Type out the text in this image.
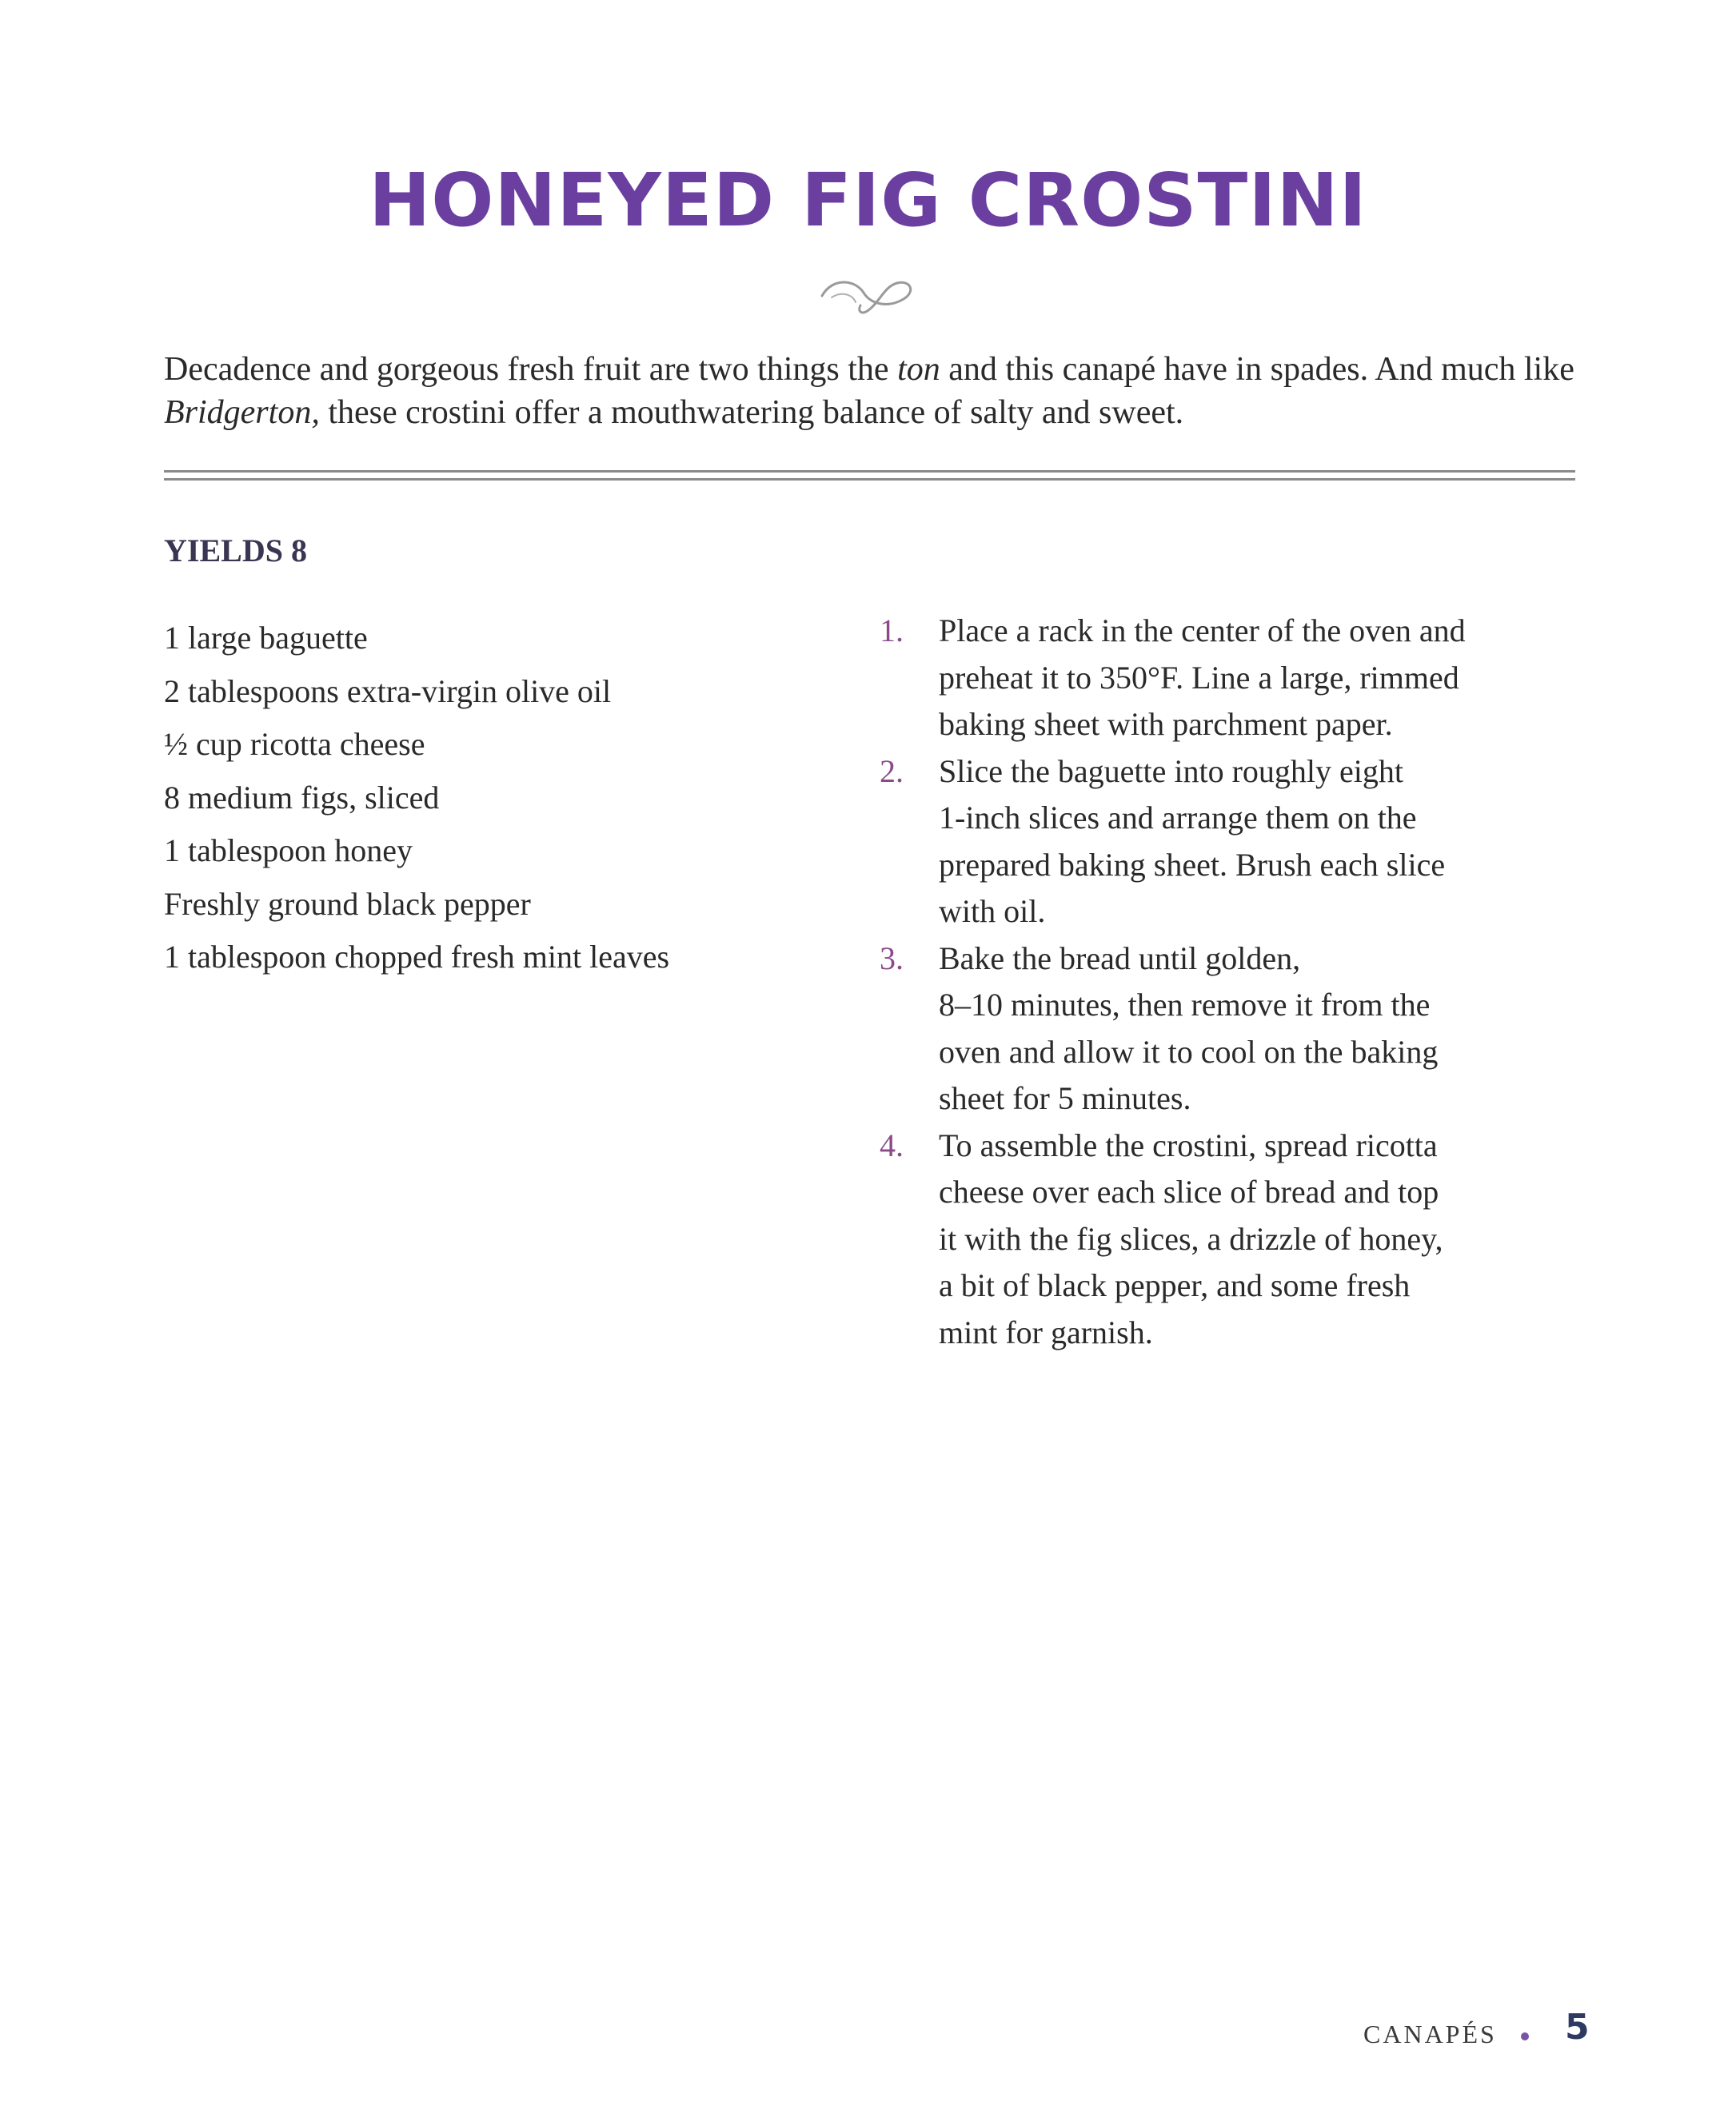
HONEYED FIG CROSTINI

Decadence and gorgeous fresh fruit are two things the ton and this canapé have in spades. And much like Bridgerton, these crostini offer a mouthwatering balance of salty and sweet.

YIELDS 8
1 large baguette
2 tablespoons extra-virgin olive oil
½ cup ricotta cheese
8 medium figs, sliced
1 tablespoon honey
Freshly ground black pepper
1 tablespoon chopped fresh mint leaves
1. Place a rack in the center of the oven and
preheat it to 350°F. Line a large, rimmed
baking sheet with parchment paper.
2. Slice the baguette into roughly eight
1-inch slices and arrange them on the
prepared baking sheet. Brush each slice
with oil.
3. Bake the bread until golden,
8–10 minutes, then remove it from the
oven and allow it to cool on the baking
sheet for 5 minutes.
4. To assemble the crostini, spread ricotta
cheese over each slice of bread and top
it with the fig slices, a drizzle of honey,
a bit of black pepper, and some fresh
mint for garnish.
CANAPÉS 5
